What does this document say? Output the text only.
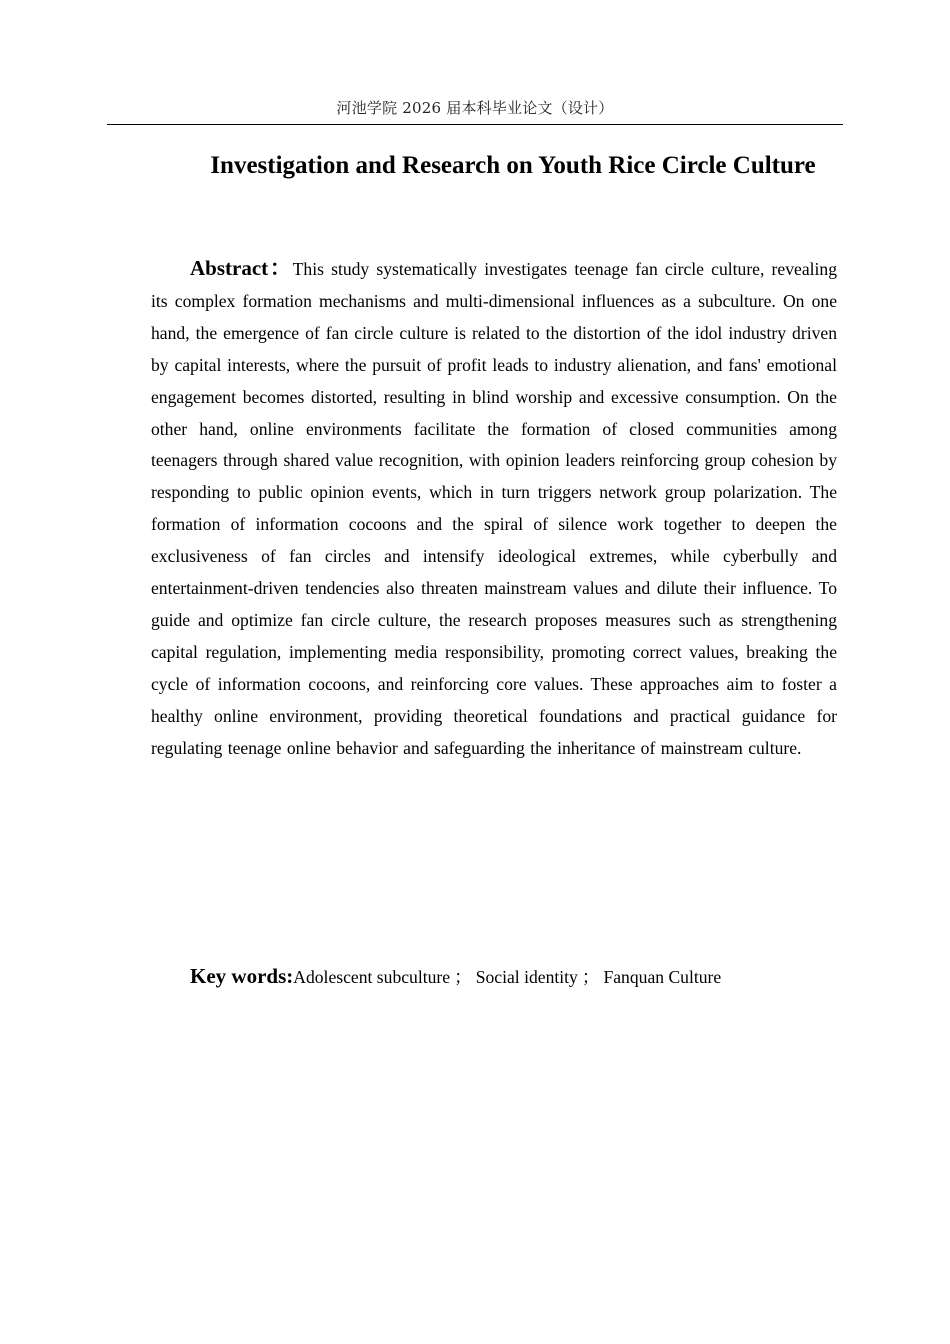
河池学院 2026 届本科毕业论文（设计）
Investigation and Research on Youth Rice Circle Culture

Abstract：This study systematically investigates teenage fan circle culture, revealing its complex formation mechanisms and multi-dimensional influences as a subculture. On one hand, the emergence of fan circle culture is related to the distortion of the idol industry driven by capital interests, where the pursuit of profit leads to industry alienation, and fans' emotional engagement becomes distorted, resulting in blind worship and excessive consumption. On the other hand, online environments facilitate the formation of closed communities among teenagers through shared value recognition, with opinion leaders reinforcing group cohesion by responding to public opinion events, which in turn triggers network group polarization. The formation of information cocoons and the spiral of silence work together to deepen the exclusiveness of fan circles and intensify ideological extremes, while cyberbully and entertainment-driven tendencies also threaten mainstream values and dilute their influence. To guide and optimize fan circle culture, the research proposes measures such as strengthening capital regulation, implementing media responsibility, promoting correct values, breaking the cycle of information cocoons, and reinforcing core values. These approaches aim to foster a healthy online environment, providing theoretical foundations and practical guidance for regulating teenage online behavior and safeguarding the inheritance of mainstream culture.

Key words:Adolescent subculture ； Social identity ； Fanquan Culture
